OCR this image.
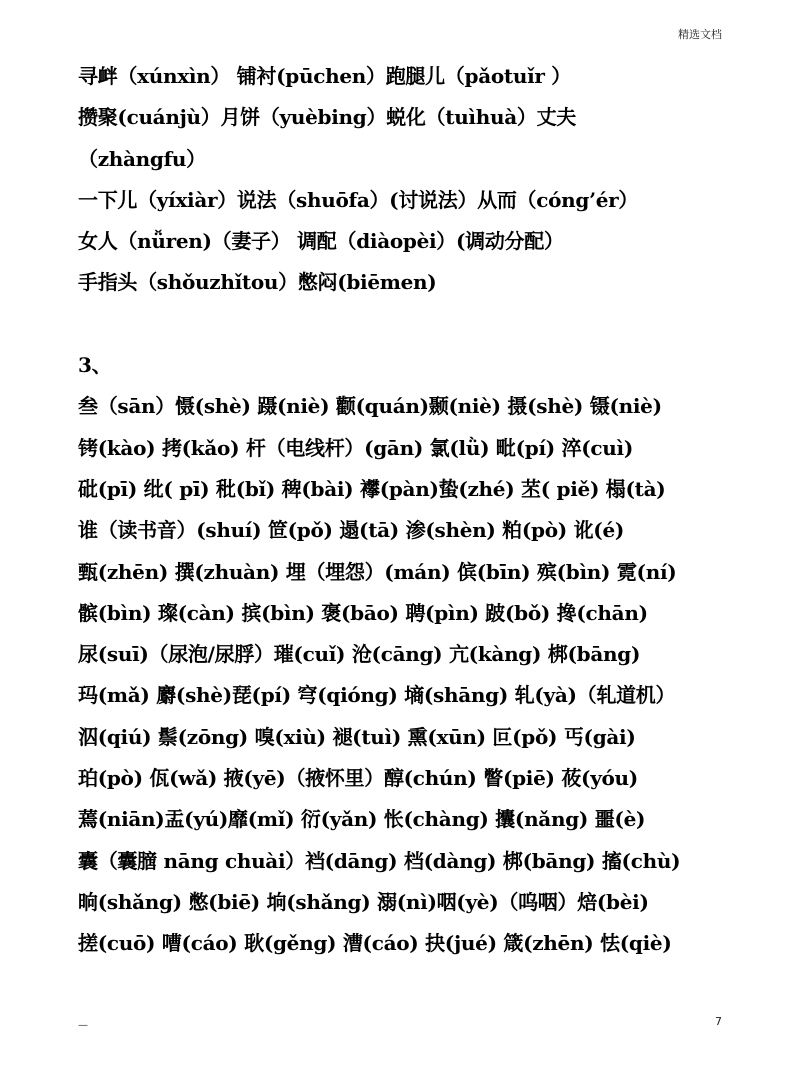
精选文档
寻衅（xúnxìn） 铺衬(pūchen）跑腿儿（pǎotuǐr ）
攒聚(cuánjù）月饼（yuèbing）蜕化（tuìhuà）丈夫
（zhàngfu）
一下儿（yíxiàr）说法（shuōfa）(讨说法）从而（cóng’ér）
女人（nǚren)（妻子） 调配（diàopèi）(调动分配）
手指头（shǒuzhǐtou）憋闷(biēmen)
3、
叁（sān）慑(shè) 蹑(niè) 颧(quán)颞(niè) 摄(shè) 镊(niè)
铐(kào) 拷(kǎo) 杆（电线杆）(gān) 氯(lǜ) 毗(pí) 淬(cuì)
砒(pī) 纰( pī) 秕(bǐ) 稗(bài) 襻(pàn)蛰(zhé) 苤( piě) 榻(tà)
谁（读书音）(shuí) 笸(pǒ) 遢(tā) 渗(shèn) 粕(pò) 讹(é)
甄(zhēn) 撰(zhuàn) 埋（埋怨）(mán) 傧(bīn) 殡(bìn) 霓(ní)
髌(bìn) 璨(càn) 摈(bìn) 褒(bāo) 聘(pìn) 跛(bǒ) 搀(chān)
尿(suī)（尿泡/尿脬）璀(cuǐ) 沧(cāng) 亢(kàng) 梆(bāng)
玛(mǎ) 麝(shè)琵(pí) 穹(qióng) 墒(shāng) 轧(yà)（轧道机）
泅(qiú) 鬃(zōng) 嗅(xiù) 褪(tuì) 熏(xūn) 叵(pǒ) 丐(gài)
珀(pò) 佤(wǎ) 掖(yē)（掖怀里）醇(chún) 瞥(piē) 莜(yóu)
蔫(niān)盂(yú)靡(mǐ) 衍(yǎn) 怅(chàng) 攮(nǎng) 噩(è)
囊（囊膪 nāng chuài）裆(dāng) 档(dàng) 梆(bāng) 搐(chù)
晌(shǎng) 憋(biē) 垧(shǎng) 溺(nì)咽(yè)（呜咽）焙(bèi)
搓(cuō) 嘈(cáo) 耿(gěng) 漕(cáo) 抉(jué) 箴(zhēn) 怯(qiè)
—	7
